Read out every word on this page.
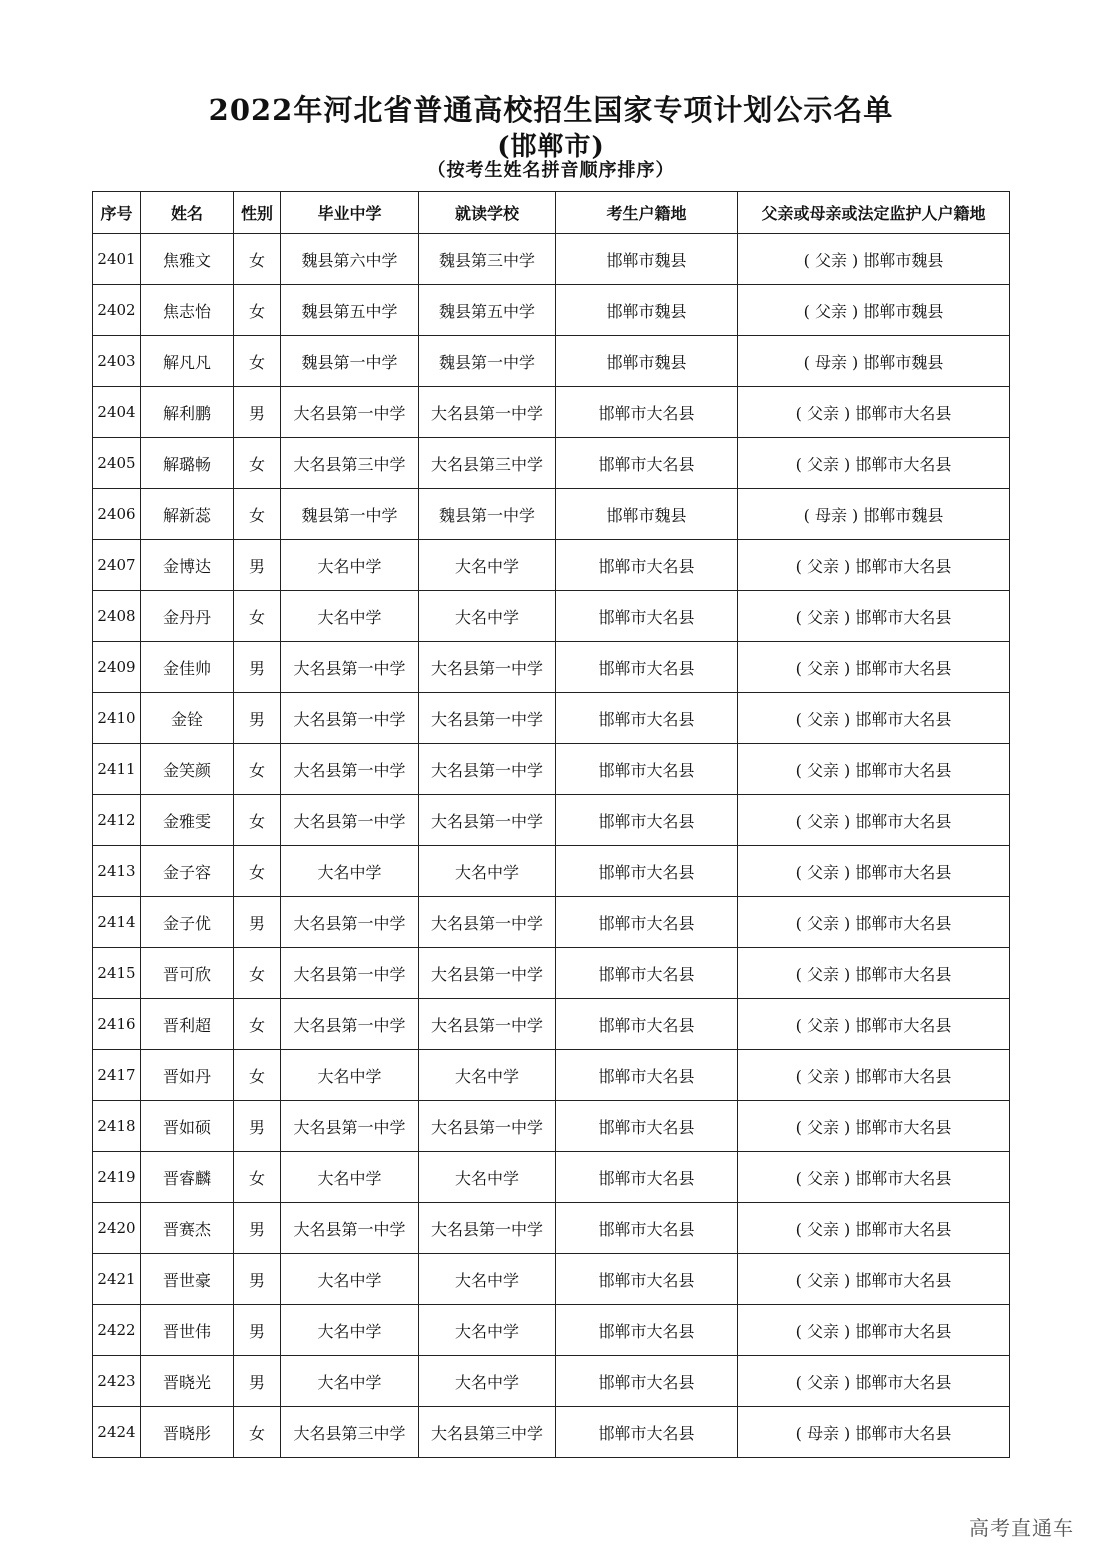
2022年河北省普通高校招生国家专项计划公示名单
(邯郸市)
（按考生姓名拼音顺序排序）
序号	姓名	性别	毕业中学	就读学校	考生户籍地	父亲或母亲或法定监护人户籍地
2401	焦雅文	女	魏县第六中学	魏县第三中学	邯郸市魏县	( 父亲 ) 邯郸市魏县
2402	焦志怡	女	魏县第五中学	魏县第五中学	邯郸市魏县	( 父亲 ) 邯郸市魏县
2403	解凡凡	女	魏县第一中学	魏县第一中学	邯郸市魏县	( 母亲 ) 邯郸市魏县
2404	解利鹏	男	大名县第一中学	大名县第一中学	邯郸市大名县	( 父亲 ) 邯郸市大名县
2405	解璐畅	女	大名县第三中学	大名县第三中学	邯郸市大名县	( 父亲 ) 邯郸市大名县
2406	解新蕊	女	魏县第一中学	魏县第一中学	邯郸市魏县	( 母亲 ) 邯郸市魏县
2407	金博达	男	大名中学	大名中学	邯郸市大名县	( 父亲 ) 邯郸市大名县
2408	金丹丹	女	大名中学	大名中学	邯郸市大名县	( 父亲 ) 邯郸市大名县
2409	金佳帅	男	大名县第一中学	大名县第一中学	邯郸市大名县	( 父亲 ) 邯郸市大名县
2410	金铨	男	大名县第一中学	大名县第一中学	邯郸市大名县	( 父亲 ) 邯郸市大名县
2411	金笑颜	女	大名县第一中学	大名县第一中学	邯郸市大名县	( 父亲 ) 邯郸市大名县
2412	金雅雯	女	大名县第一中学	大名县第一中学	邯郸市大名县	( 父亲 ) 邯郸市大名县
2413	金子容	女	大名中学	大名中学	邯郸市大名县	( 父亲 ) 邯郸市大名县
2414	金子优	男	大名县第一中学	大名县第一中学	邯郸市大名县	( 父亲 ) 邯郸市大名县
2415	晋可欣	女	大名县第一中学	大名县第一中学	邯郸市大名县	( 父亲 ) 邯郸市大名县
2416	晋利超	女	大名县第一中学	大名县第一中学	邯郸市大名县	( 父亲 ) 邯郸市大名县
2417	晋如丹	女	大名中学	大名中学	邯郸市大名县	( 父亲 ) 邯郸市大名县
2418	晋如硕	男	大名县第一中学	大名县第一中学	邯郸市大名县	( 父亲 ) 邯郸市大名县
2419	晋睿麟	女	大名中学	大名中学	邯郸市大名县	( 父亲 ) 邯郸市大名县
2420	晋赛杰	男	大名县第一中学	大名县第一中学	邯郸市大名县	( 父亲 ) 邯郸市大名县
2421	晋世豪	男	大名中学	大名中学	邯郸市大名县	( 父亲 ) 邯郸市大名县
2422	晋世伟	男	大名中学	大名中学	邯郸市大名县	( 父亲 ) 邯郸市大名县
2423	晋晓光	男	大名中学	大名中学	邯郸市大名县	( 父亲 ) 邯郸市大名县
2424	晋晓彤	女	大名县第三中学	大名县第三中学	邯郸市大名县	( 母亲 ) 邯郸市大名县
高考直通车
